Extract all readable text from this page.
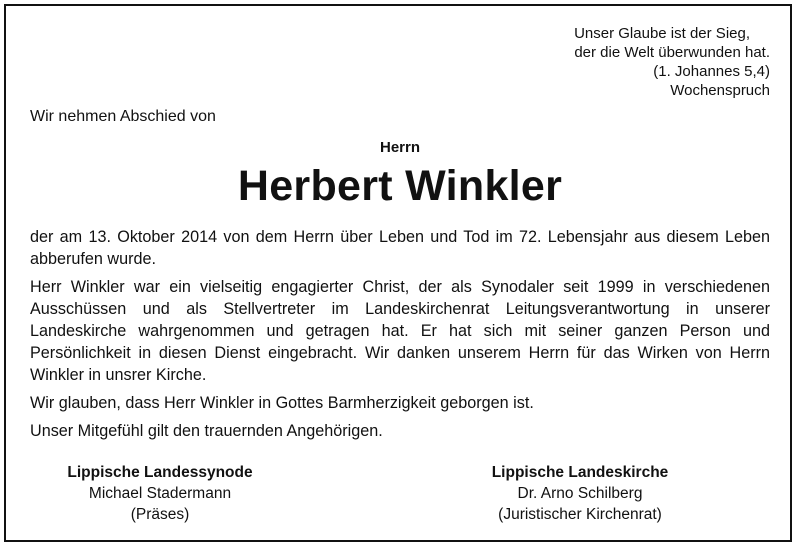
Unser Glaube ist der Sieg,
der die Welt überwunden hat.
(1. Johannes 5,4)
Wochenspruch
Wir nehmen Abschied von
Herrn
Herbert Winkler

der am 13. Oktober 2014 von dem Herrn über Leben und Tod im 72. Lebensjahr aus diesem Leben abberufen wurde.

Herr Winkler war ein vielseitig engagierter Christ, der als Synodaler seit 1999 in verschiedenen Ausschüssen und als Stellvertreter im Landeskirchenrat Leitungsverantwortung in unserer Landeskirche wahrgenommen und getragen hat. Er hat sich mit seiner ganzen Person und Persönlichkeit in diesen Dienst eingebracht. Wir danken unserem Herrn für das Wirken von Herrn Winkler in unsrer Kirche.

Wir glauben, dass Herr Winkler in Gottes Barmherzigkeit geborgen ist.

Unser Mitgefühl gilt den trauernden Angehörigen.

Lippische Landessynode
Michael Stadermann
(Präses)
Lippische Landeskirche
Dr. Arno Schilberg
(Juristischer Kirchenrat)
